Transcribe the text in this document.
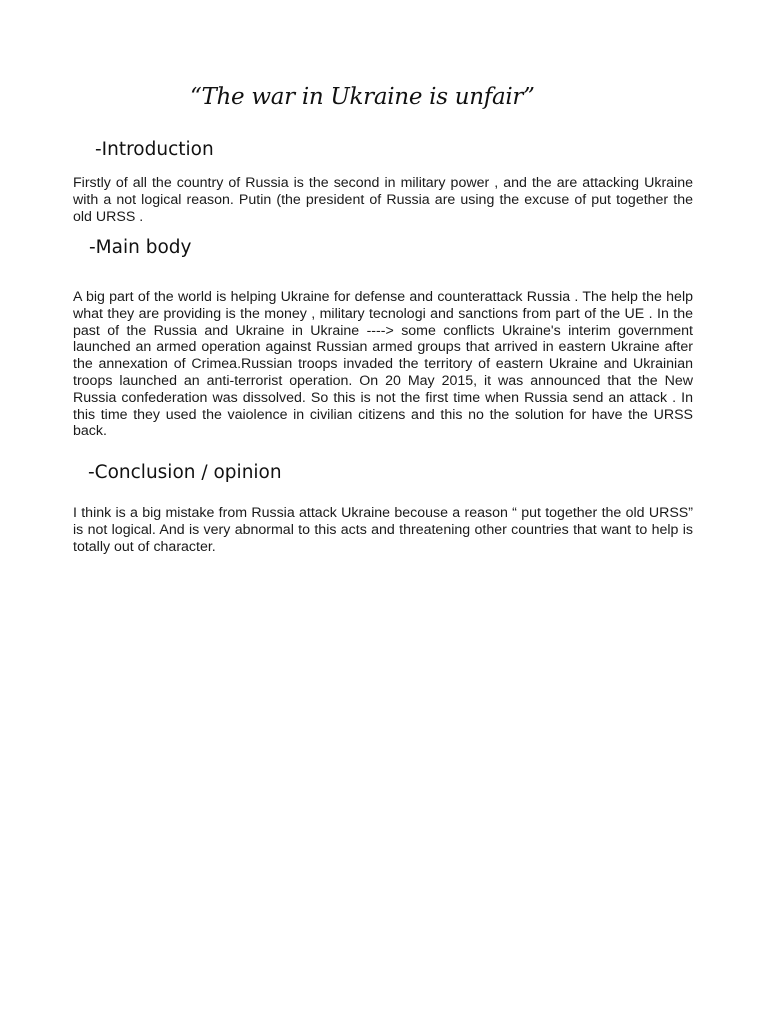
“The war in Ukraine is unfair”
-Introduction
Firstly of all the country of Russia is the second in military power , and the are attacking Ukraine with a not logical reason. Putin (the president of Russia are using the excuse of put together the old URSS .
-Main body
A big part of the world is helping Ukraine for defense and counterattack Russia . The help the help what they are providing is the money , military tecnologi and sanctions from part of the UE . In the past of the Russia and Ukraine in Ukraine ----> some conflicts Ukraine's interim government launched an armed operation against Russian armed groups that arrived in eastern Ukraine after the annexation of Crimea.Russian troops invaded the territory of eastern Ukraine and Ukrainian troops launched an anti-terrorist operation. On 20 May 2015, it was announced that the New Russia confederation was dissolved. So this is not the first time when Russia send an attack . In this time they used the vaiolence in civilian citizens and this no the solution for have the URSS back.
-Conclusion / opinion
I think is a big mistake from Russia attack Ukraine becouse a reason “ put together the old URSS” is not logical. And is very abnormal to this acts and threatening other countries that want to help is totally out of character.
